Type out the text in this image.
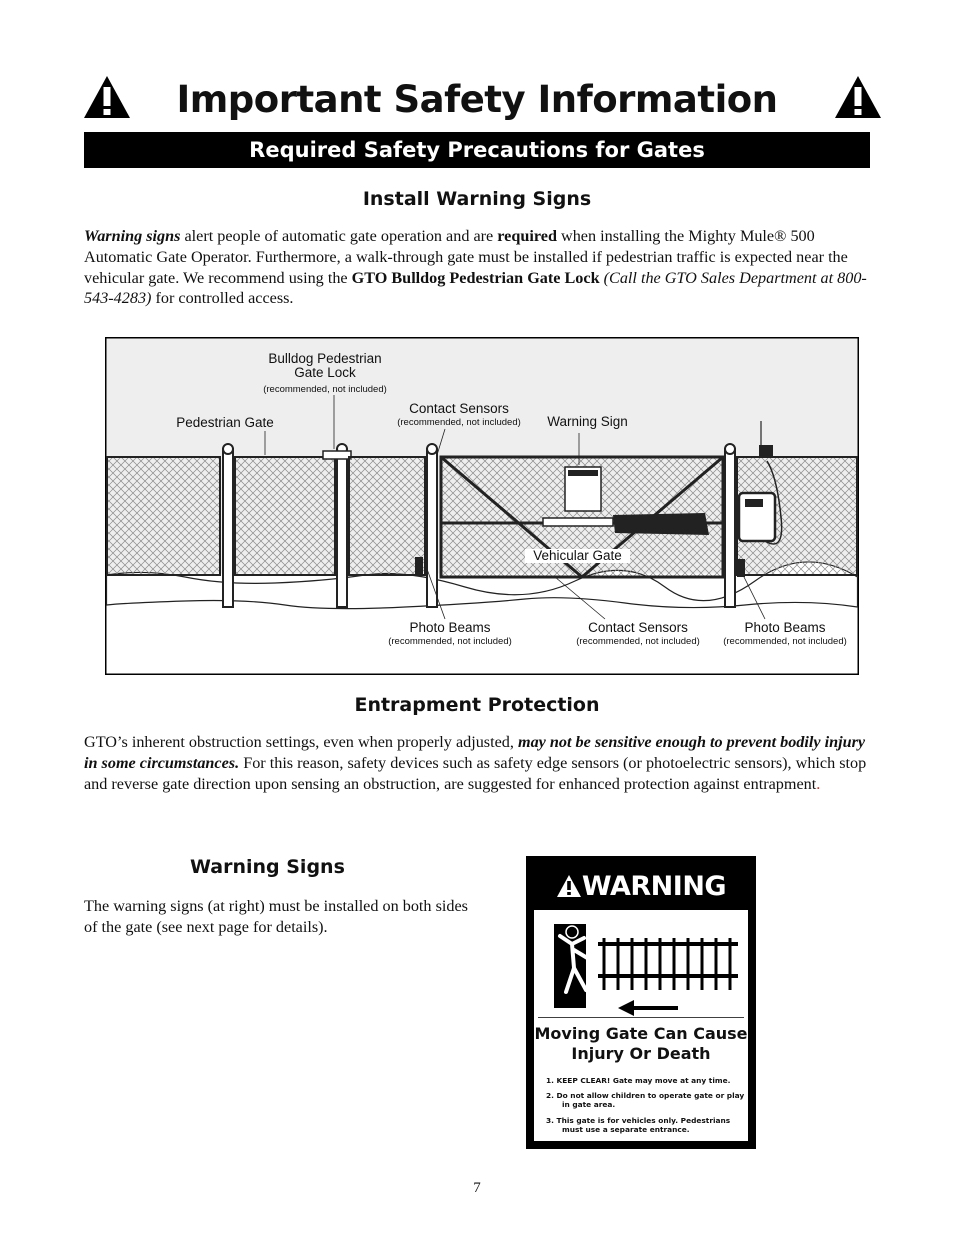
Important Safety Information
Required Safety Precautions for Gates
Install Warning Signs
Warning signs alert people of automatic gate operation and are required when installing the Mighty Mule® 500 Automatic Gate Operator. Furthermore, a walk-through gate must be installed if pedestrian traffic is expected near the vehicular gate. We recommend using the GTO Bulldog Pedestrian Gate Lock (Call the GTO Sales Department at 800-543-4283) for controlled access.
Bulldog Pedestrian
Gate Lock
(recommended, not included)
Pedestrian Gate
Contact Sensors
(recommended, not included)	Warning Sign
Vehicular Gate
Photo Beams
(recommended, not included)
Contact Sensors
(recommended, not included)
Photo Beams
(recommended, not included)
Entrapment Protection
GTO’s inherent obstruction settings, even when properly adjusted, may not be sensitive enough to prevent bodily injury in some circumstances. For this reason, safety devices such as safety edge sensors (or photoelectric sensors), which stop and reverse gate direction upon sensing an obstruction, are suggested for enhanced protection against entrapment.
Warning Signs
The warning signs (at right) must be installed on both sides of the gate (see next page for details).
WARNING
Moving Gate Can Cause
Injury Or Death
1. KEEP CLEAR! Gate may move at any time.
2. Do not allow children to operate gate or play in gate area.
3. This gate is for vehicles only. Pedestrians must use a separate entrance.
7
